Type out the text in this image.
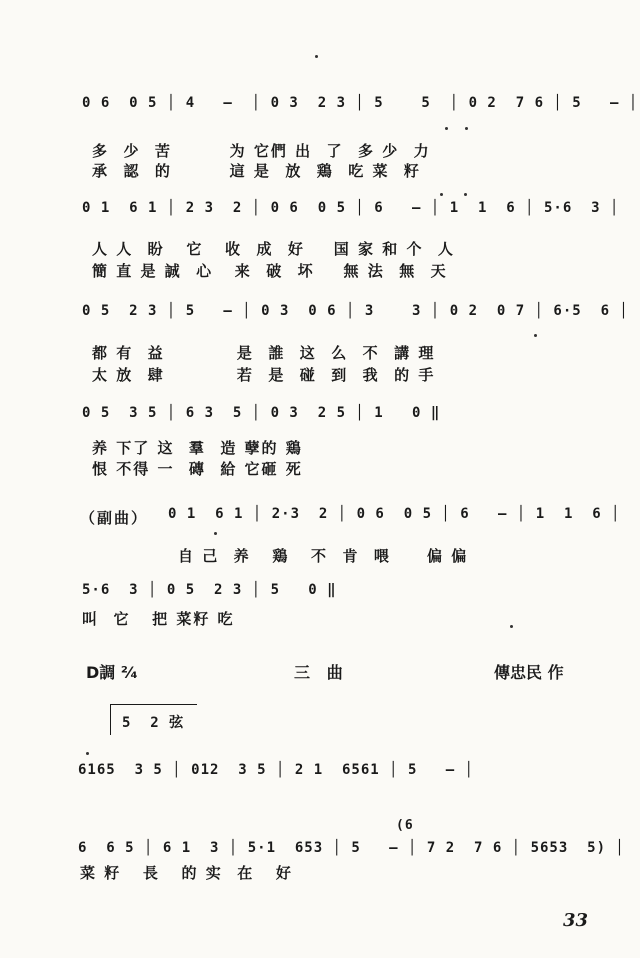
0 6  0 5 │ 4   —  │ 0 3  2 3 │ 5    5  │ 0 2  7 6 │ 5   — │
多  少  苦        为 它們 出  了  多 少  力
承  認  的        這 是  放  鶏  吃 菜  籽
0 1  6 1 │ 2 3  2 │ 0 6  0 5 │ 6   — │ 1  1  6 │ 5·6  3 │
人 人  盼   它   收  成  好    国 家 和 个  人
簡 直 是 誠  心   来  破  坏    無 法  無  天
0 5  2 3 │ 5   — │ 0 3  0 6 │ 3    3 │ 0 2  0 7 │ 6·5  6 │
都 有  益          是  誰  这  么  不  講 理
太 放  肆          若  是  碰  到  我  的 手
0 5  3 5 │ 6 3  5 │ 0 3  2 5 │ 1   0 ‖
养 下了 这  羣  造 孽的 鶏
恨 不得 一  磚  給 它砸 死
（副曲）	0 1  6 1 │ 2·3  2 │ 0 6  0 5 │ 6   — │ 1  1  6 │
自 己  养   鶏   不  肯  喂     偏 偏
5·6  3 │ 0 5  2 3 │ 5   0 ‖
叫  它   把 菜籽 吃
D調 ²⁄₄	三   曲	傳忠民 作
5  2 弦
6165  3 5 │ 012  3 5 │ 2 1  6561 │ 5   — │
(6
6  6 5 │ 6 1  3 │ 5·1  653 │ 5   — │ 7 2  7 6 │ 5653  5) │
菜 籽   長   的 实  在   好
33
